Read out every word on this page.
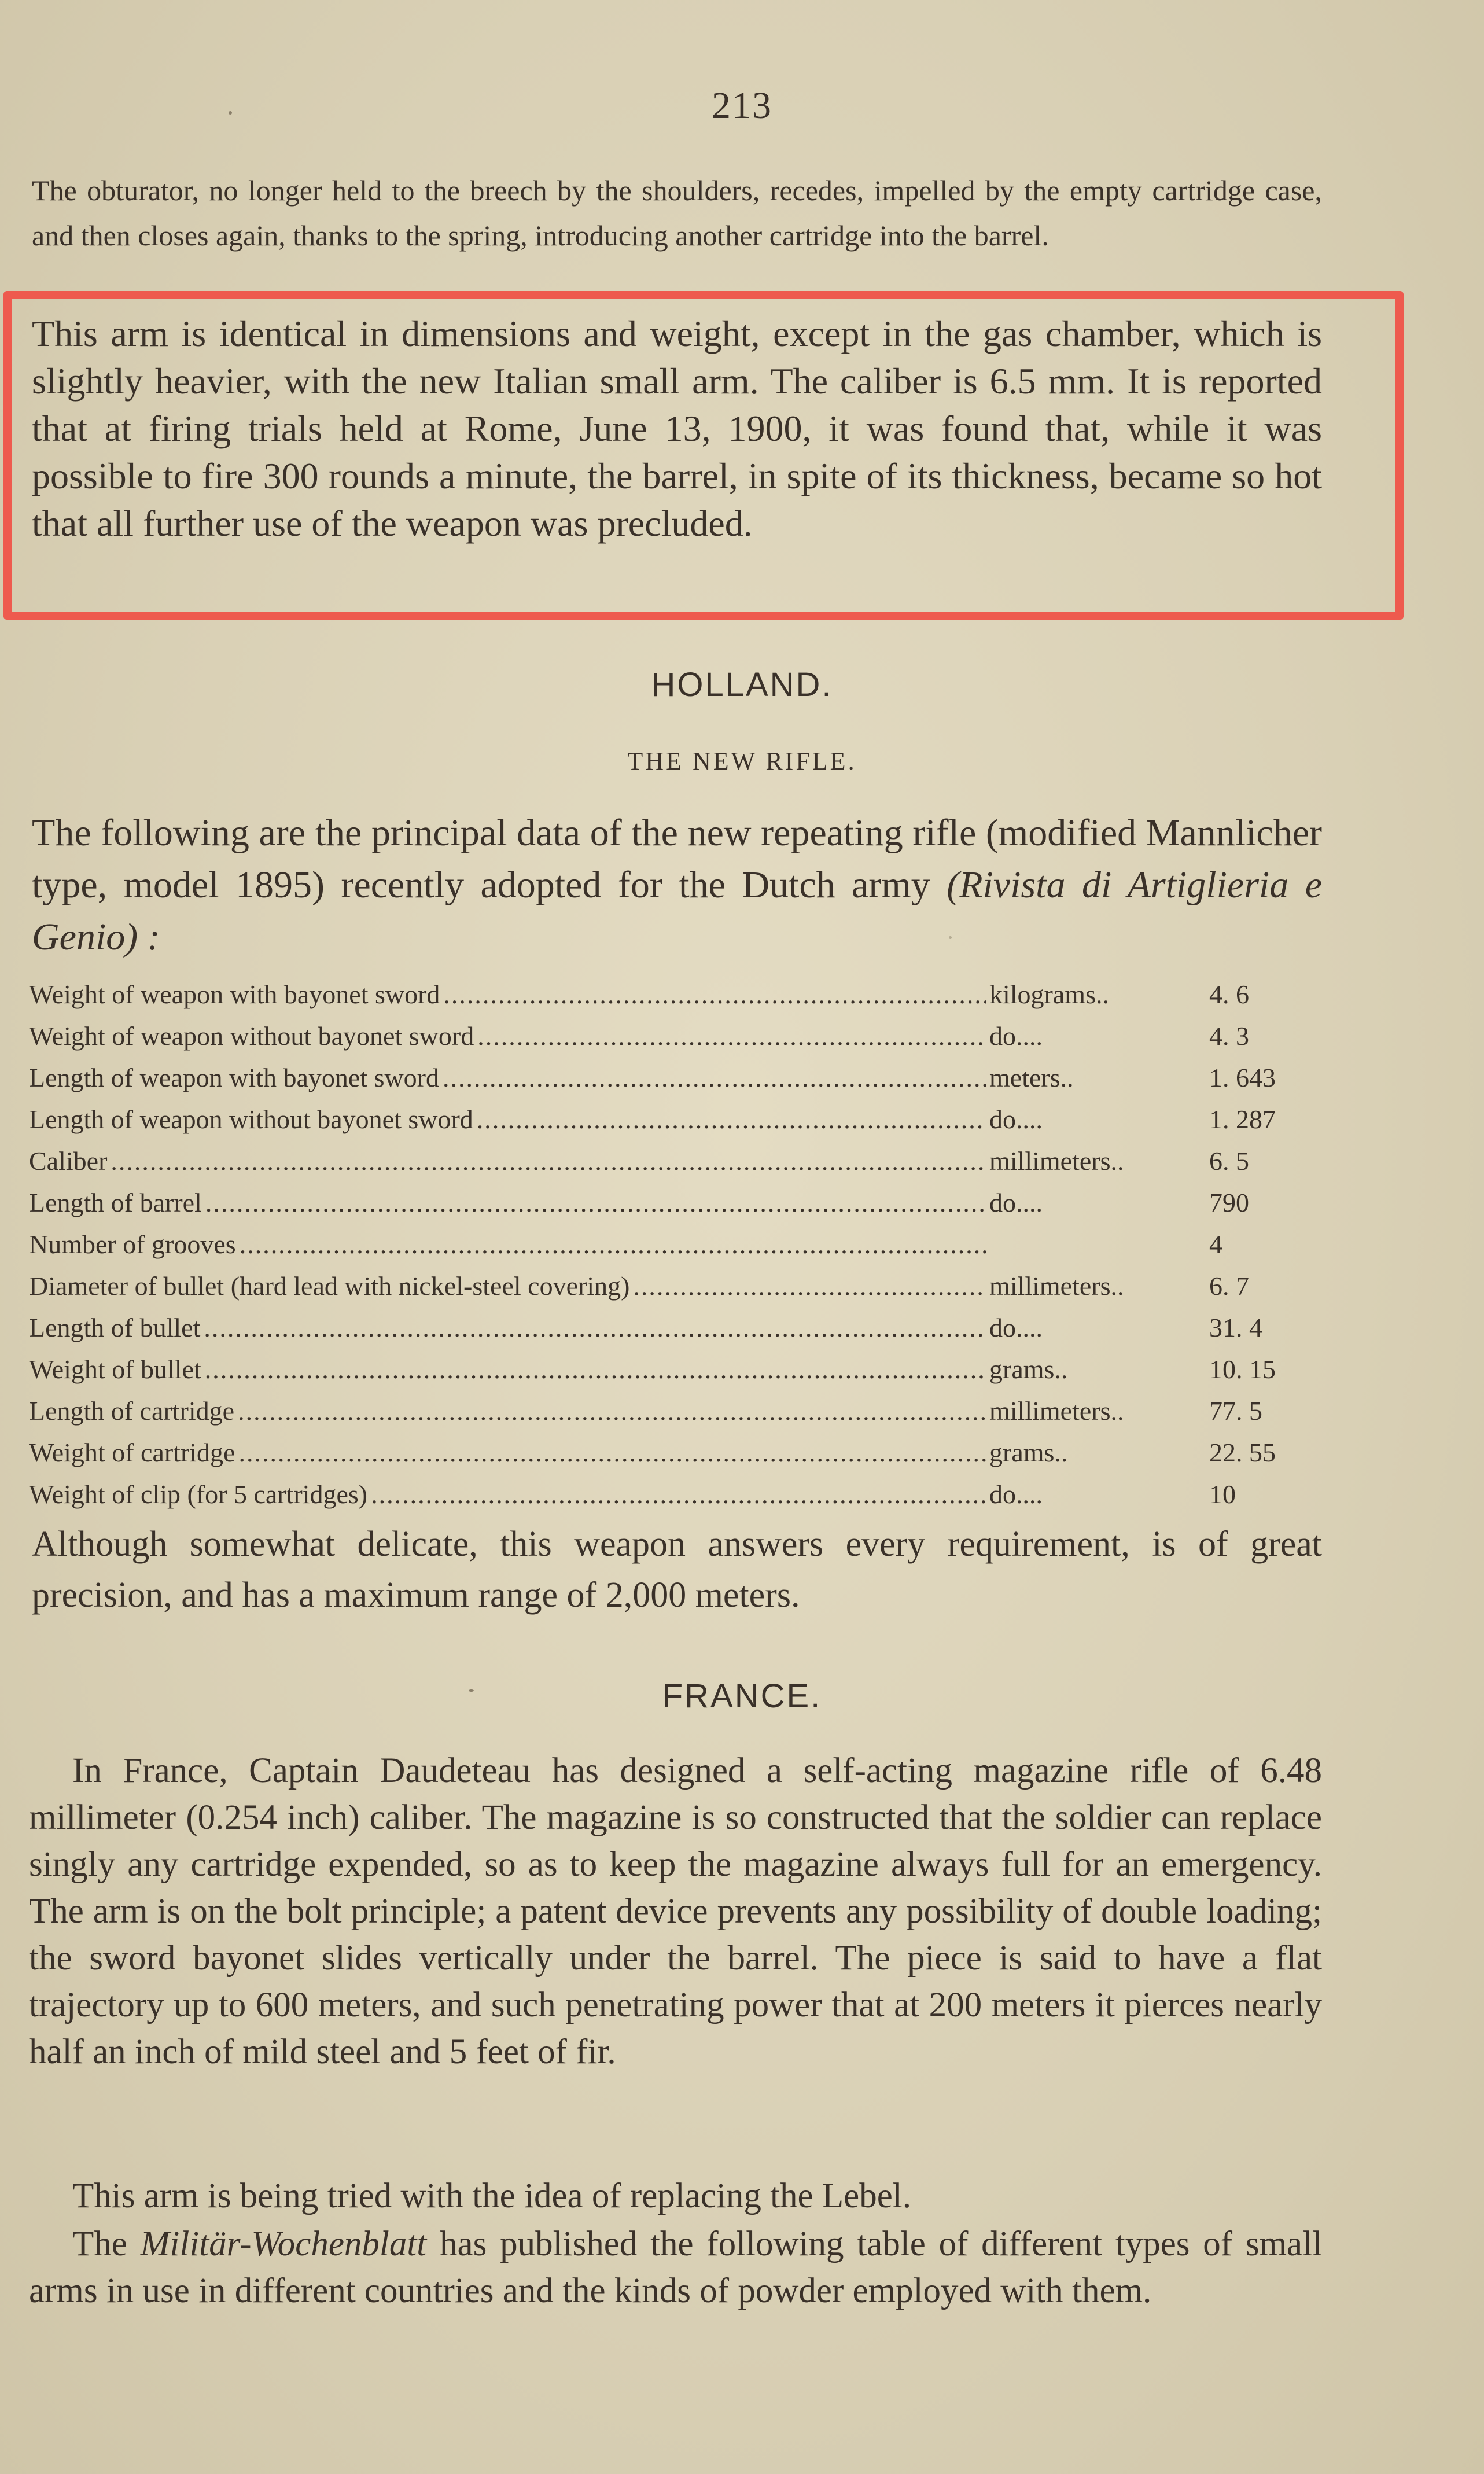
213

The obturator, no longer held to the breech by the shoulders, recedes, impelled by the empty cartridge case, and then closes again, thanks to the spring, introducing another cartridge into the barrel.

This arm is identical in dimensions and weight, except in the gas chamber, which is slightly heavier, with the new Italian small arm. The caliber is 6.5 mm. It is reported that at firing trials held at Rome, June 13, 1900, it was found that, while it was possible to fire 300 rounds a minute, the barrel, in spite of its thickness, became so hot that all further use of the weapon was precluded.

HOLLAND.
THE NEW RIFLE.

The following are the principal data of the new repeating rifle (modified Mannlicher type, model 1895) recently adopted for the Dutch army (Rivista di Artiglieria e Genio) :

Weight of weapon with bayonet sword .....	kilograms..	4. 6
Weight of weapon without bayonet sword .....	do....	4. 3
Length of weapon with bayonet sword .....	meters..	1. 643
Length of weapon without bayonet sword .....	do....	1. 287
Caliber .....	millimeters..	6. 5
Length of barrel .....	do....	790
Number of grooves .....	4
Diameter of bullet (hard lead with nickel-steel covering) .....	millimeters..	6. 7
Length of bullet .....	do....	31. 4
Weight of bullet .....	grams..	10. 15
Length of cartridge .....	millimeters..	77. 5
Weight of cartridge .....	grams..	22. 55
Weight of clip (for 5 cartridges) .....	do....	10

Although somewhat delicate, this weapon answers every requirement, is of great precision, and has a maximum range of 2,000 meters.

FRANCE.

In France, Captain Daudeteau has designed a self-acting magazine rifle of 6.48 millimeter (0.254 inch) caliber. The magazine is so constructed that the soldier can replace singly any cartridge expended, so as to keep the magazine always full for an emergency. The arm is on the bolt principle; a patent device prevents any possibility of double loading; the sword bayonet slides vertically under the barrel. The piece is said to have a flat trajectory up to 600 meters, and such penetrating power that at 200 meters it pierces nearly half an inch of mild steel and 5 feet of fir.

This arm is being tried with the idea of replacing the Lebel.

The Militär-Wochenblatt has published the following table of different types of small arms in use in different countries and the kinds of powder employed with them.
